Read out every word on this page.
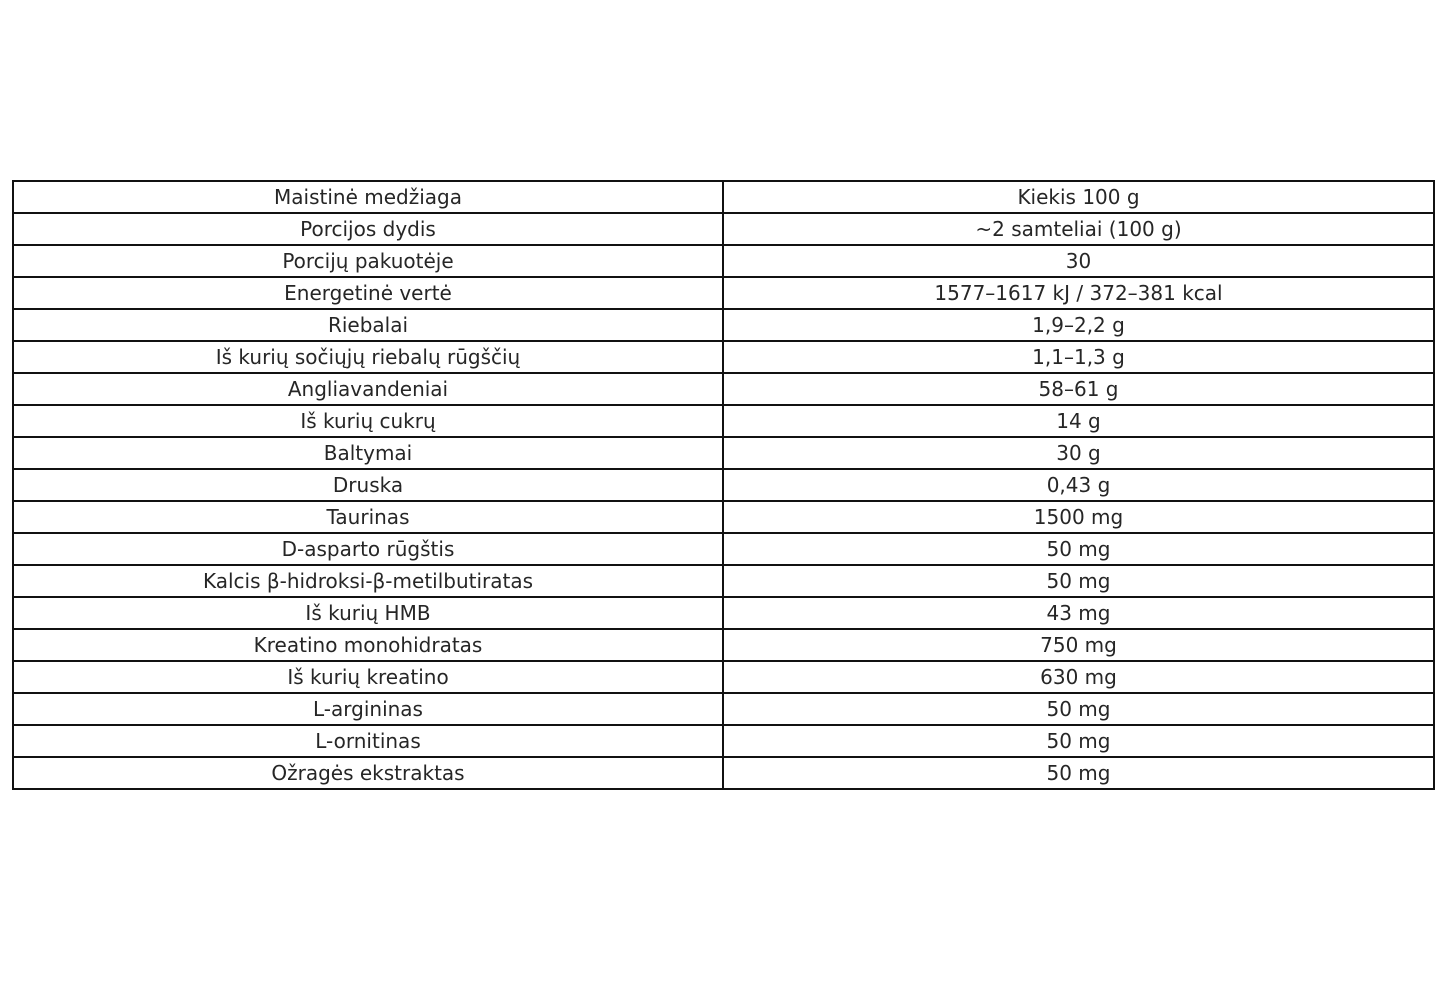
Maistinė medžiaga	Kiekis 100 g
Porcijos dydis	~2 samteliai (100 g)
Porcijų pakuotėje	30
Energetinė vertė	1577–1617 kJ / 372–381 kcal
Riebalai	1,9–2,2 g
Iš kurių sočiųjų riebalų rūgščių	1,1–1,3 g
Angliavandeniai	58–61 g
Iš kurių cukrų	14 g
Baltymai	30 g
Druska	0,43 g
Taurinas	1500 mg
D-asparto rūgštis	50 mg
Kalcis β-hidroksi-β-metilbutiratas	50 mg
Iš kurių HMB	43 mg
Kreatino monohidratas	750 mg
Iš kurių kreatino	630 mg
L-argininas	50 mg
L-ornitinas	50 mg
Ožragės ekstraktas	50 mg
